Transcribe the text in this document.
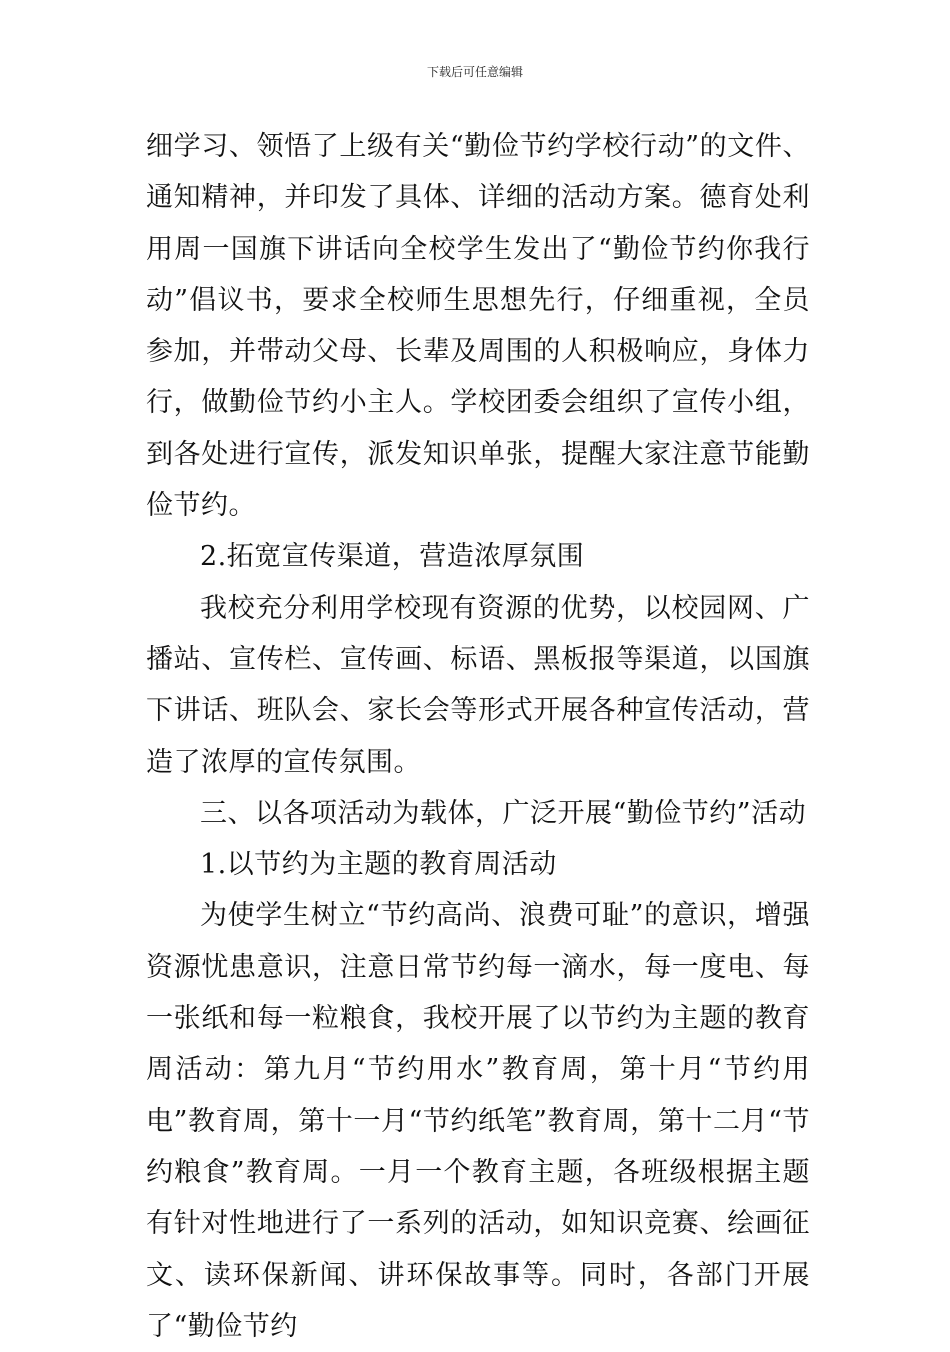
下载后可任意编辑

细学习、领悟了上级有关“勤俭节约学校行动”的文件、通知精神，并印发了具体、详细的活动方案。德育处利用周一国旗下讲话向全校学生发出了“勤俭节约你我行动”倡议书，要求全校师生思想先行，仔细重视，全员参加，并带动父母、长辈及周围的人积极响应，身体力行，做勤俭节约小主人。学校团委会组织了宣传小组，到各处进行宣传，派发知识单张，提醒大家注意节能勤俭节约。

2.拓宽宣传渠道，营造浓厚氛围

我校充分利用学校现有资源的优势，以校园网、广播站、宣传栏、宣传画、标语、黑板报等渠道，以国旗下讲话、班队会、家长会等形式开展各种宣传活动，营造了浓厚的宣传氛围。

三、以各项活动为载体，广泛开展“勤俭节约”活动

1.以节约为主题的教育周活动

为使学生树立“节约高尚、浪费可耻”的意识，增强资源忧患意识，注意日常节约每一滴水，每一度电、每一张纸和每一粒粮食，我校开展了以节约为主题的教育周活动：第九月“节约用水”教育周，第十月“节约用电”教育周，第十一月“节约纸笔”教育周，第十二月“节约粮食”教育周。一月一个教育主题，各班级根据主题有针对性地进行了一系列的活动，如知识竞赛、绘画征文、读环保新闻、讲环保故事等。同时，各部门开展了“勤俭节约
